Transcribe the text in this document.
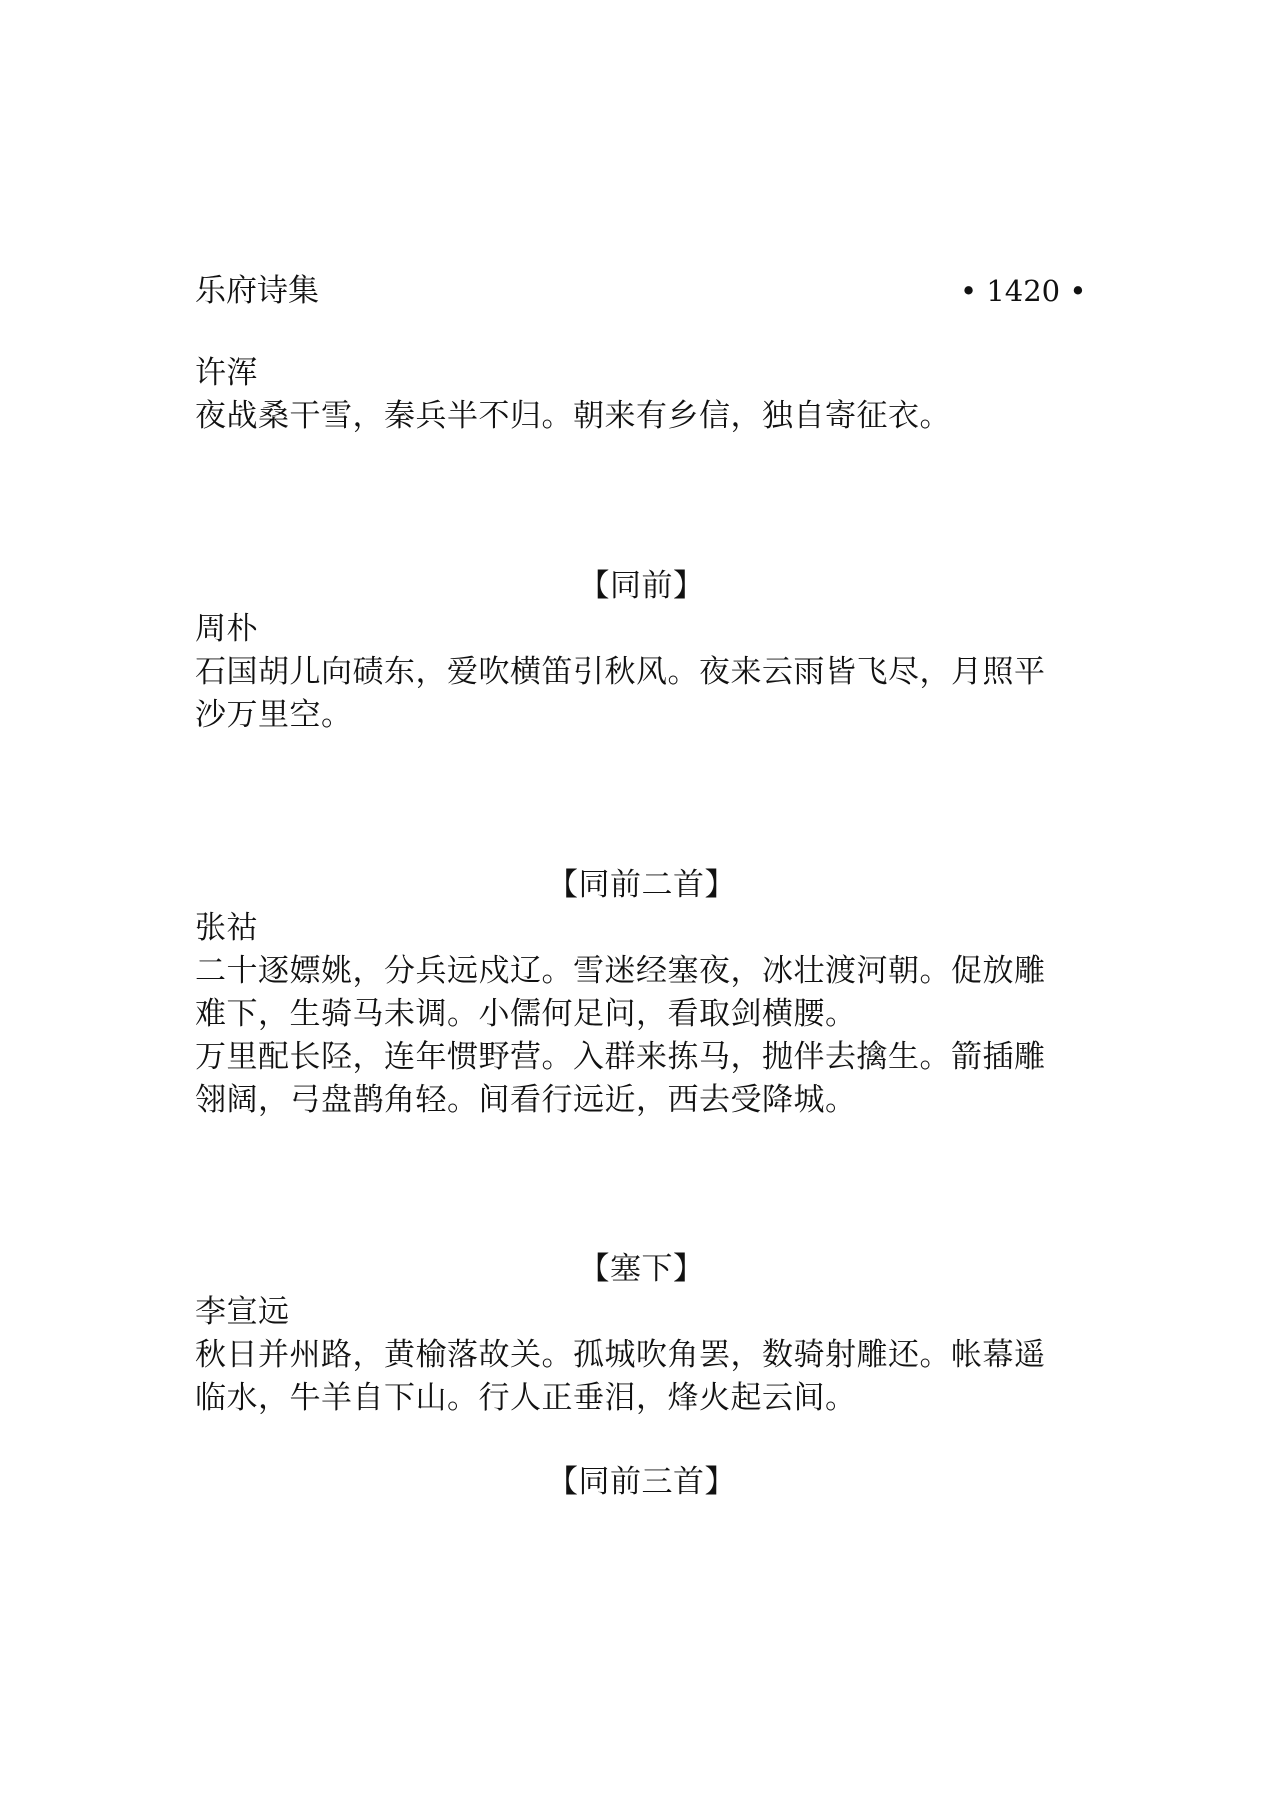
乐府诗集	• 1420 •
许浑
夜战桑干雪，秦兵半不归。朝来有乡信，独自寄征衣。
【同前】
周朴
石国胡儿向碛东，爱吹横笛引秋风。夜来云雨皆飞尽，月照平
沙万里空。
【同前二首】
张祜
二十逐嫖姚，分兵远戍辽。雪迷经塞夜，冰壮渡河朝。促放雕
难下，生骑马未调。小儒何足问，看取剑横腰。
万里配长陉，连年惯野营。入群来拣马，抛伴去擒生。箭插雕
翎阔，弓盘鹊角轻。间看行远近，西去受降城。
【塞下】
李宣远
秋日并州路，黄榆落故关。孤城吹角罢，数骑射雕还。帐幕遥
临水，牛羊自下山。行人正垂泪，烽火起云间。
【同前三首】
